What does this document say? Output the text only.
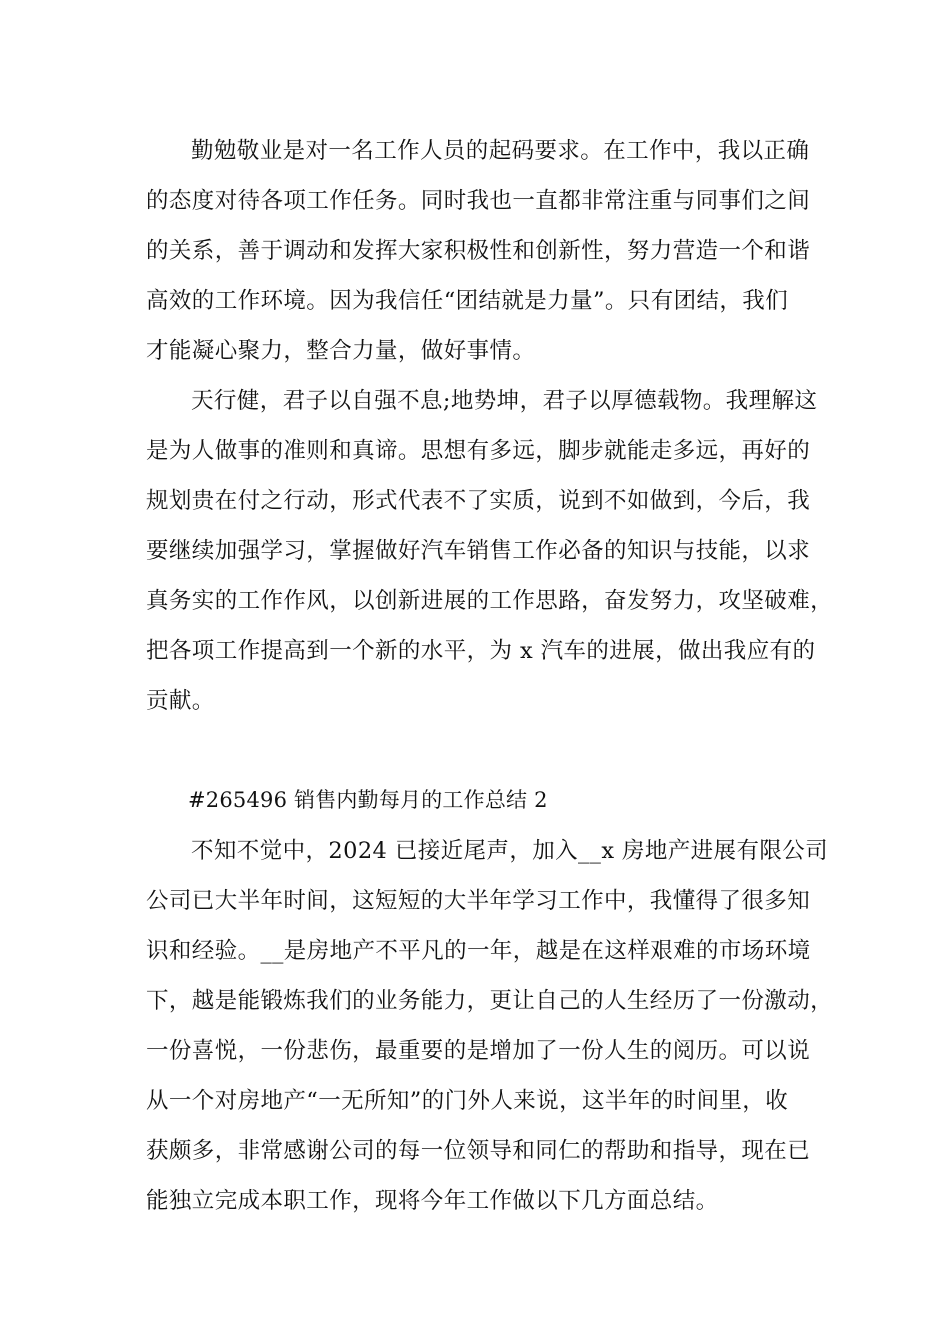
勤勉敬业是对一名工作人员的起码要求。在工作中，我以正确
的态度对待各项工作任务。同时我也一直都非常注重与同事们之间
的关系，善于调动和发挥大家积极性和创新性，努力营造一个和谐
高效的工作环境。因为我信任“团结就是力量”。只有团结，我们
才能凝心聚力，整合力量，做好事情。
天行健，君子以自强不息;地势坤，君子以厚德载物。我理解这
是为人做事的准则和真谛。思想有多远，脚步就能走多远，再好的
规划贵在付之行动，形式代表不了实质，说到不如做到，今后，我
要继续加强学习，掌握做好汽车销售工作必备的知识与技能，以求
真务实的工作作风，以创新进展的工作思路，奋发努力，攻坚破难，
把各项工作提高到一个新的水平，为 x 汽车的进展，做出我应有的
贡献。
#265496 销售内勤每月的工作总结 2
不知不觉中，2024 已接近尾声，加入__x 房地产进展有限公司
公司已大半年时间，这短短的大半年学习工作中，我懂得了很多知
识和经验。__是房地产不平凡的一年，越是在这样艰难的市场环境
下，越是能锻炼我们的业务能力，更让自己的人生经历了一份激动，
一份喜悦，一份悲伤，最重要的是增加了一份人生的阅历。可以说
从一个对房地产“一无所知”的门外人来说，这半年的时间里，收
获颇多，非常感谢公司的每一位领导和同仁的帮助和指导，现在已
能独立完成本职工作，现将今年工作做以下几方面总结。
